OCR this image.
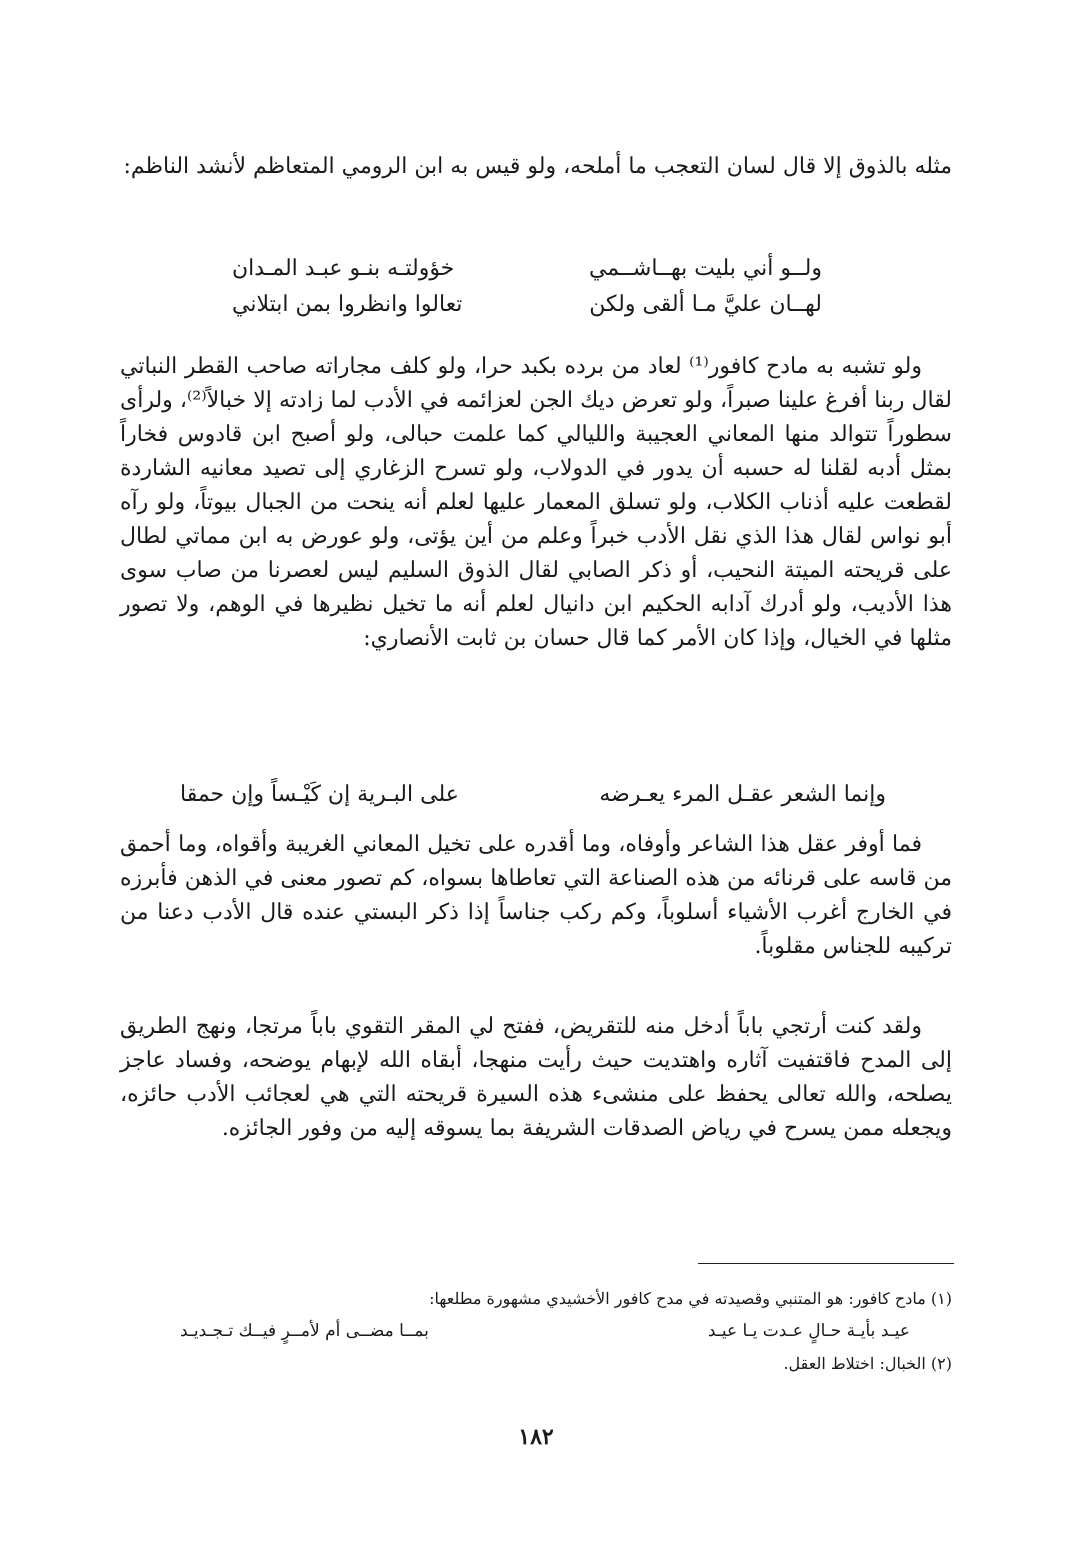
مثله بالذوق إلا قال لسان التعجب ما أملحه، ولو قيس به ابن الرومي المتعاظم لأنشد الناظم:

ولــو أني بليت بهــاشــمي
خؤولتـه بنـو عبـد المـدان
لهــان عليَّ مـا ألقى ولكن
تعالوا وانظروا بمن ابتلاني

ولو تشبه به مادح كافور⁽¹⁾ لعاد من برده بكبد حرا، ولو كلف مجاراته صاحب القطر النباتي لقال ربنا أفرغ علينا صبراً، ولو تعرض ديك الجن لعزائمه في الأدب لما زادته إلا خبالاً⁽²⁾، ولرأى سطوراً تتوالد منها المعاني العجيبة والليالي كما علمت حبالى، ولو أصبح ابن قادوس فخاراً بمثل أدبه لقلنا له حسبه أن يدور في الدولاب، ولو تسرح الزغاري إلى تصيد معانيه الشاردة لقطعت عليه أذناب الكلاب، ولو تسلق المعمار عليها لعلم أنه ينحت من الجبال بيوتاً، ولو رآه أبو نواس لقال هذا الذي نقل الأدب خبراً وعلم من أين يؤتى، ولو عورض به ابن مماتي لطال على قريحته الميتة النحيب، أو ذكر الصابي لقال الذوق السليم ليس لعصرنا من صاب سوى هذا الأديب، ولو أدرك آدابه الحكيم ابن دانيال لعلم أنه ما تخيل نظيرها في الوهم، ولا تصور مثلها في الخيال، وإذا كان الأمر كما قال حسان بن ثابت الأنصاري:

وإنما الشعر عقـل المرء يعـرضه
على البـرية إن كَيْـساً وإن حمقا

فما أوفر عقل هذا الشاعر وأوفاه، وما أقدره على تخيل المعاني الغريبة وأقواه، وما أحمق من قاسه على قرنائه من هذه الصناعة التي تعاطاها بسواه، كم تصور معنى في الذهن فأبرزه في الخارج أغرب الأشياء أسلوباً، وكم ركب جناساً إذا ذكر البستي عنده قال الأدب دعنا من تركيبه للجناس مقلوباً.

ولقد كنت أرتجي باباً أدخل منه للتقريض، ففتح لي المقر التقوي باباً مرتجا، ونهج الطريق إلى المدح فاقتفيت آثاره واهتديت حيث رأيت منهجا، أبقاه الله لإبهام يوضحه، وفساد عاجز يصلحه، والله تعالى يحفظ على منشىء هذه السيرة قريحته التي هي لعجائب الأدب حائزه، ويجعله ممن يسرح في رياض الصدقات الشريفة بما يسوقه إليه من وفور الجائزه.

(١) مادح كافور: هو المتنبي وقصيدته في مدح كافور الأخشيدي مشهورة مطلعها:
عيـد بأيـة حـالٍ عـدت يـا عيـد
بمــا مضــى أم لأمــرٍ فيــك تـجـديـد
(٢) الخبال: اختلاط العقل.
١٨٢
